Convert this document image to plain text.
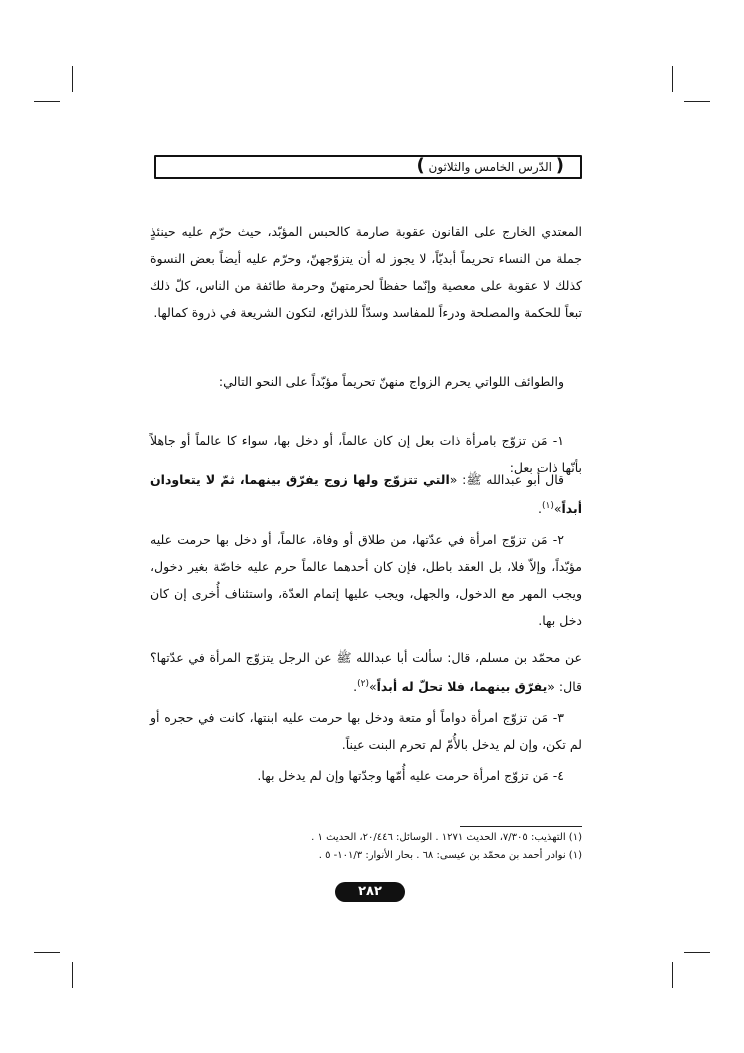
( الدّرس الخامس والثلاثون )

المعتدي الخارج على القانون عقوبة صارمة كالحبس المؤبّد، حيث حرّم عليه حينئذٍ جملة من النساء تحريماً أبديّاً، لا يجوز له أن يتزوّجهنّ، وحرّم عليه أيضاً بعض النسوة كذلك لا عقوبة على معصية وإنّما حفظاً لحرمتهنّ وحرمة طائفة من الناس، كلّ ذلك تبعاً للحكمة والمصلحة ودرءاً للمفاسد وسدّاً للذرائع، لتكون الشريعة في ذروة كمالها.

والطوائف اللواتي يحرم الزواج منهنّ تحريماً مؤبّداً على النحو التالي:

١- مَن تزوّج بامرأة ذات بعل إن كان عالماً، أو دخل بها، سواء كا عالماً أو جاهلاً بأنّها ذات بعل:

قال أبو عبدالله ﷺ: «التي تتزوّج ولها زوج يفرّق بينهما، ثمّ لا يتعاودان أبداً»$^{(١)}$.

٢- مَن تزوّج امرأة في عدّتها، من طلاق أو وفاة، عالماً، أو دخل بها حرمت عليه مؤبّداً، وإلاّ فلا، بل العقد باطل، فإن كان أحدهما عالماً حرم عليه خاصّة بغير دخول، ويجب المهر مع الدخول، والجهل، ويجب عليها إتمام العدّة، واستئناف أُخرى إن كان دخل بها.

عن محمّد بن مسلم، قال: سألت أبا عبدالله ﷺ عن الرجل يتزوّج المرأة في عدّتها؟ قال: «يفرّق بينهما، فلا تحلّ له أبداً»$^{(٢)}$.

٣- مَن تزوّج امرأة دواماً أو متعة ودخل بها حرمت عليه ابنتها، كانت في حجره أو لم تكن، وإن لم يدخل بالأُمّ لم تحرم البنت عيناً.

٤- مَن تزوّج امرأة حرمت عليه أُمّها وجدّتها وإن لم يدخل بها.

(١) التهذيب: ٧/٣٠٥، الحديث ١٢٧١ . الوسائل: ٢٠/٤٤٦، الحديث ١ .
(١) نوادر أحمد بن محمّد بن عيسى: ٦٨ . بحار الأنوار: ١٠١/٣- ٥ .
٢٨٢
